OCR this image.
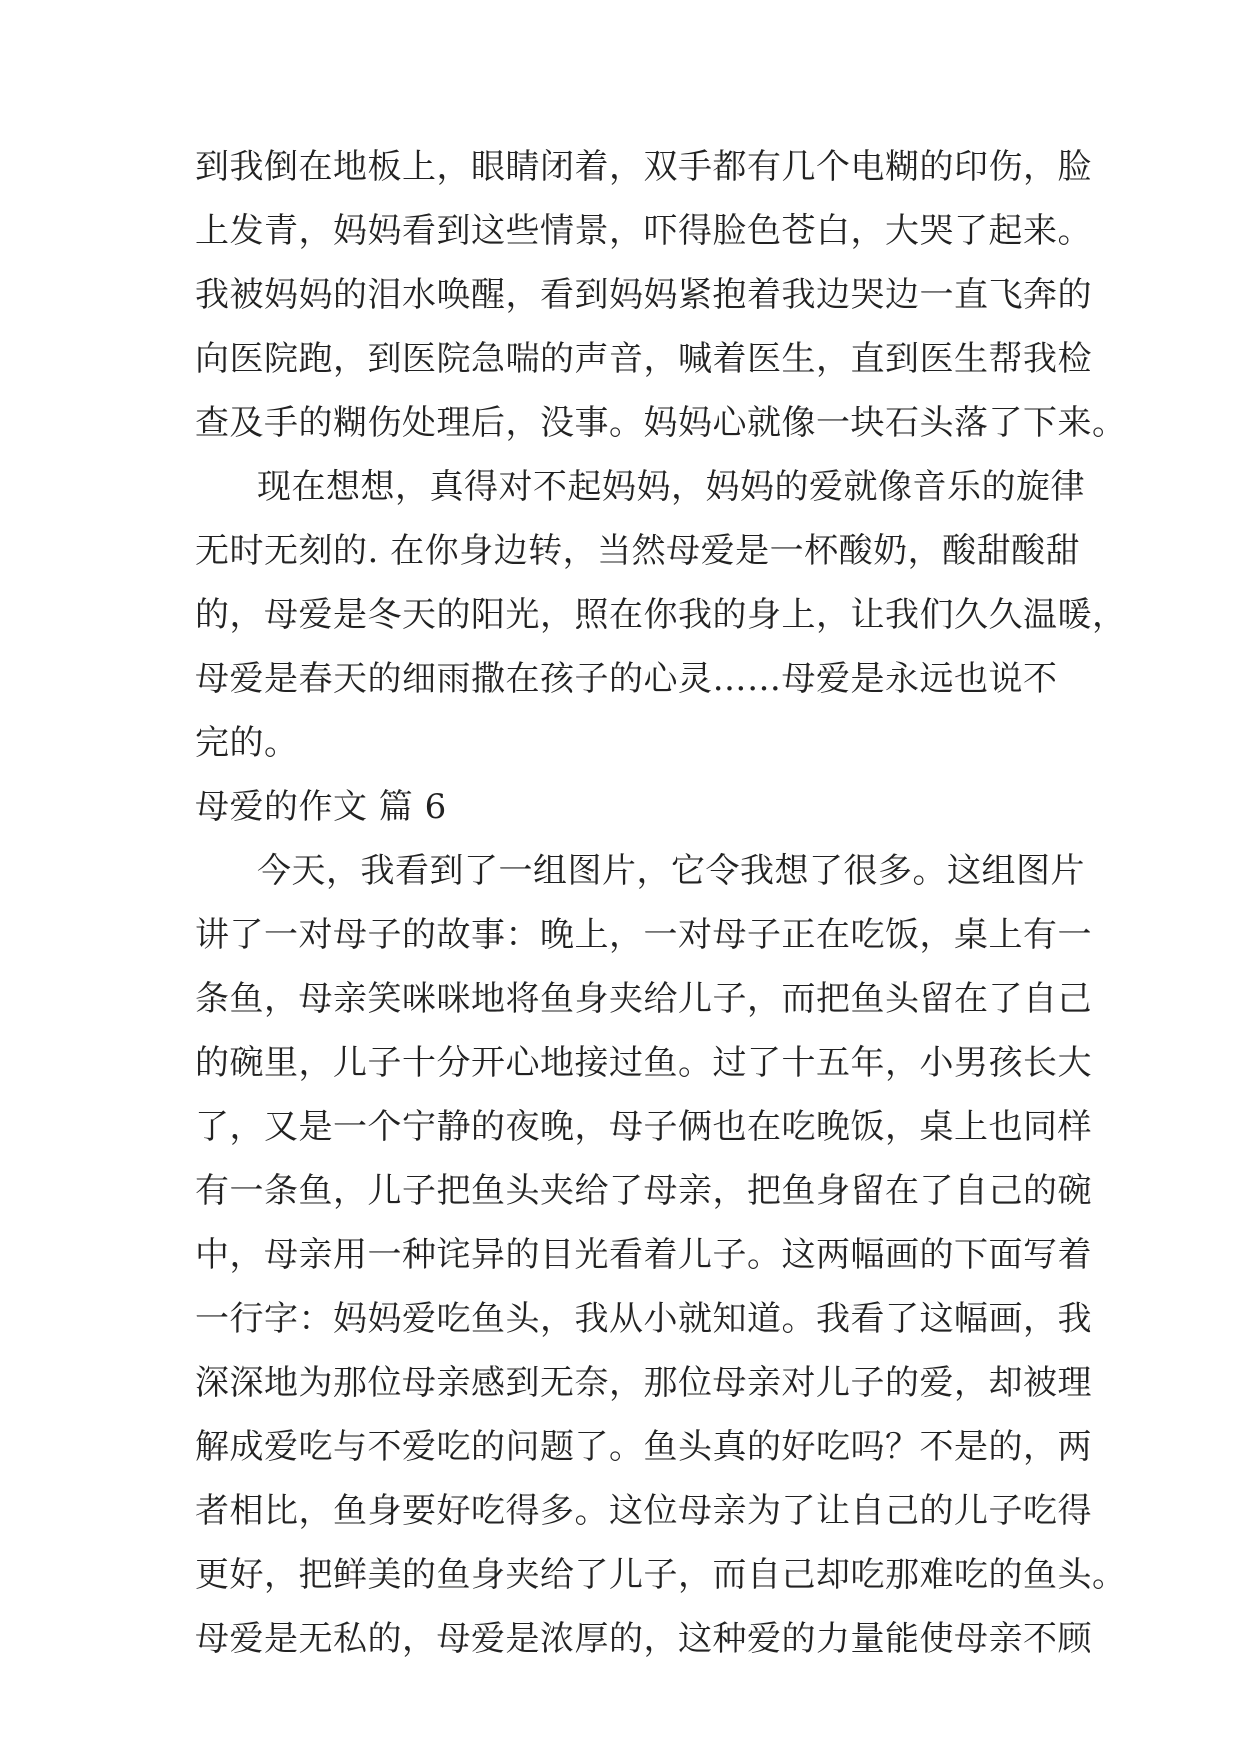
到我倒在地板上，眼睛闭着，双手都有几个电糊的印伤，脸
上发青，妈妈看到这些情景，吓得脸色苍白，大哭了起来。
我被妈妈的泪水唤醒，看到妈妈紧抱着我边哭边一直飞奔的
向医院跑，到医院急喘的声音，喊着医生，直到医生帮我检
查及手的糊伤处理后，没事。妈妈心就像一块石头落了下来。
现在想想，真得对不起妈妈，妈妈的爱就像音乐的旋律
无时无刻的. 在你身边转，当然母爱是一杯酸奶，酸甜酸甜
的，母爱是冬天的阳光，照在你我的身上，让我们久久温暖，
母爱是春天的细雨撒在孩子的心灵……母爱是永远也说不
完的。
母爱的作文 篇 6
今天，我看到了一组图片，它令我想了很多。这组图片
讲了一对母子的故事：晚上，一对母子正在吃饭，桌上有一
条鱼，母亲笑咪咪地将鱼身夹给儿子，而把鱼头留在了自己
的碗里，儿子十分开心地接过鱼。过了十五年，小男孩长大
了，又是一个宁静的夜晚，母子俩也在吃晚饭，桌上也同样
有一条鱼，儿子把鱼头夹给了母亲，把鱼身留在了自己的碗
中，母亲用一种诧异的目光看着儿子。这两幅画的下面写着
一行字：妈妈爱吃鱼头，我从小就知道。我看了这幅画，我
深深地为那位母亲感到无奈，那位母亲对儿子的爱，却被理
解成爱吃与不爱吃的问题了。鱼头真的好吃吗？不是的，两
者相比，鱼身要好吃得多。这位母亲为了让自己的儿子吃得
更好，把鲜美的鱼身夹给了儿子，而自己却吃那难吃的鱼头。
母爱是无私的，母爱是浓厚的，这种爱的力量能使母亲不顾
